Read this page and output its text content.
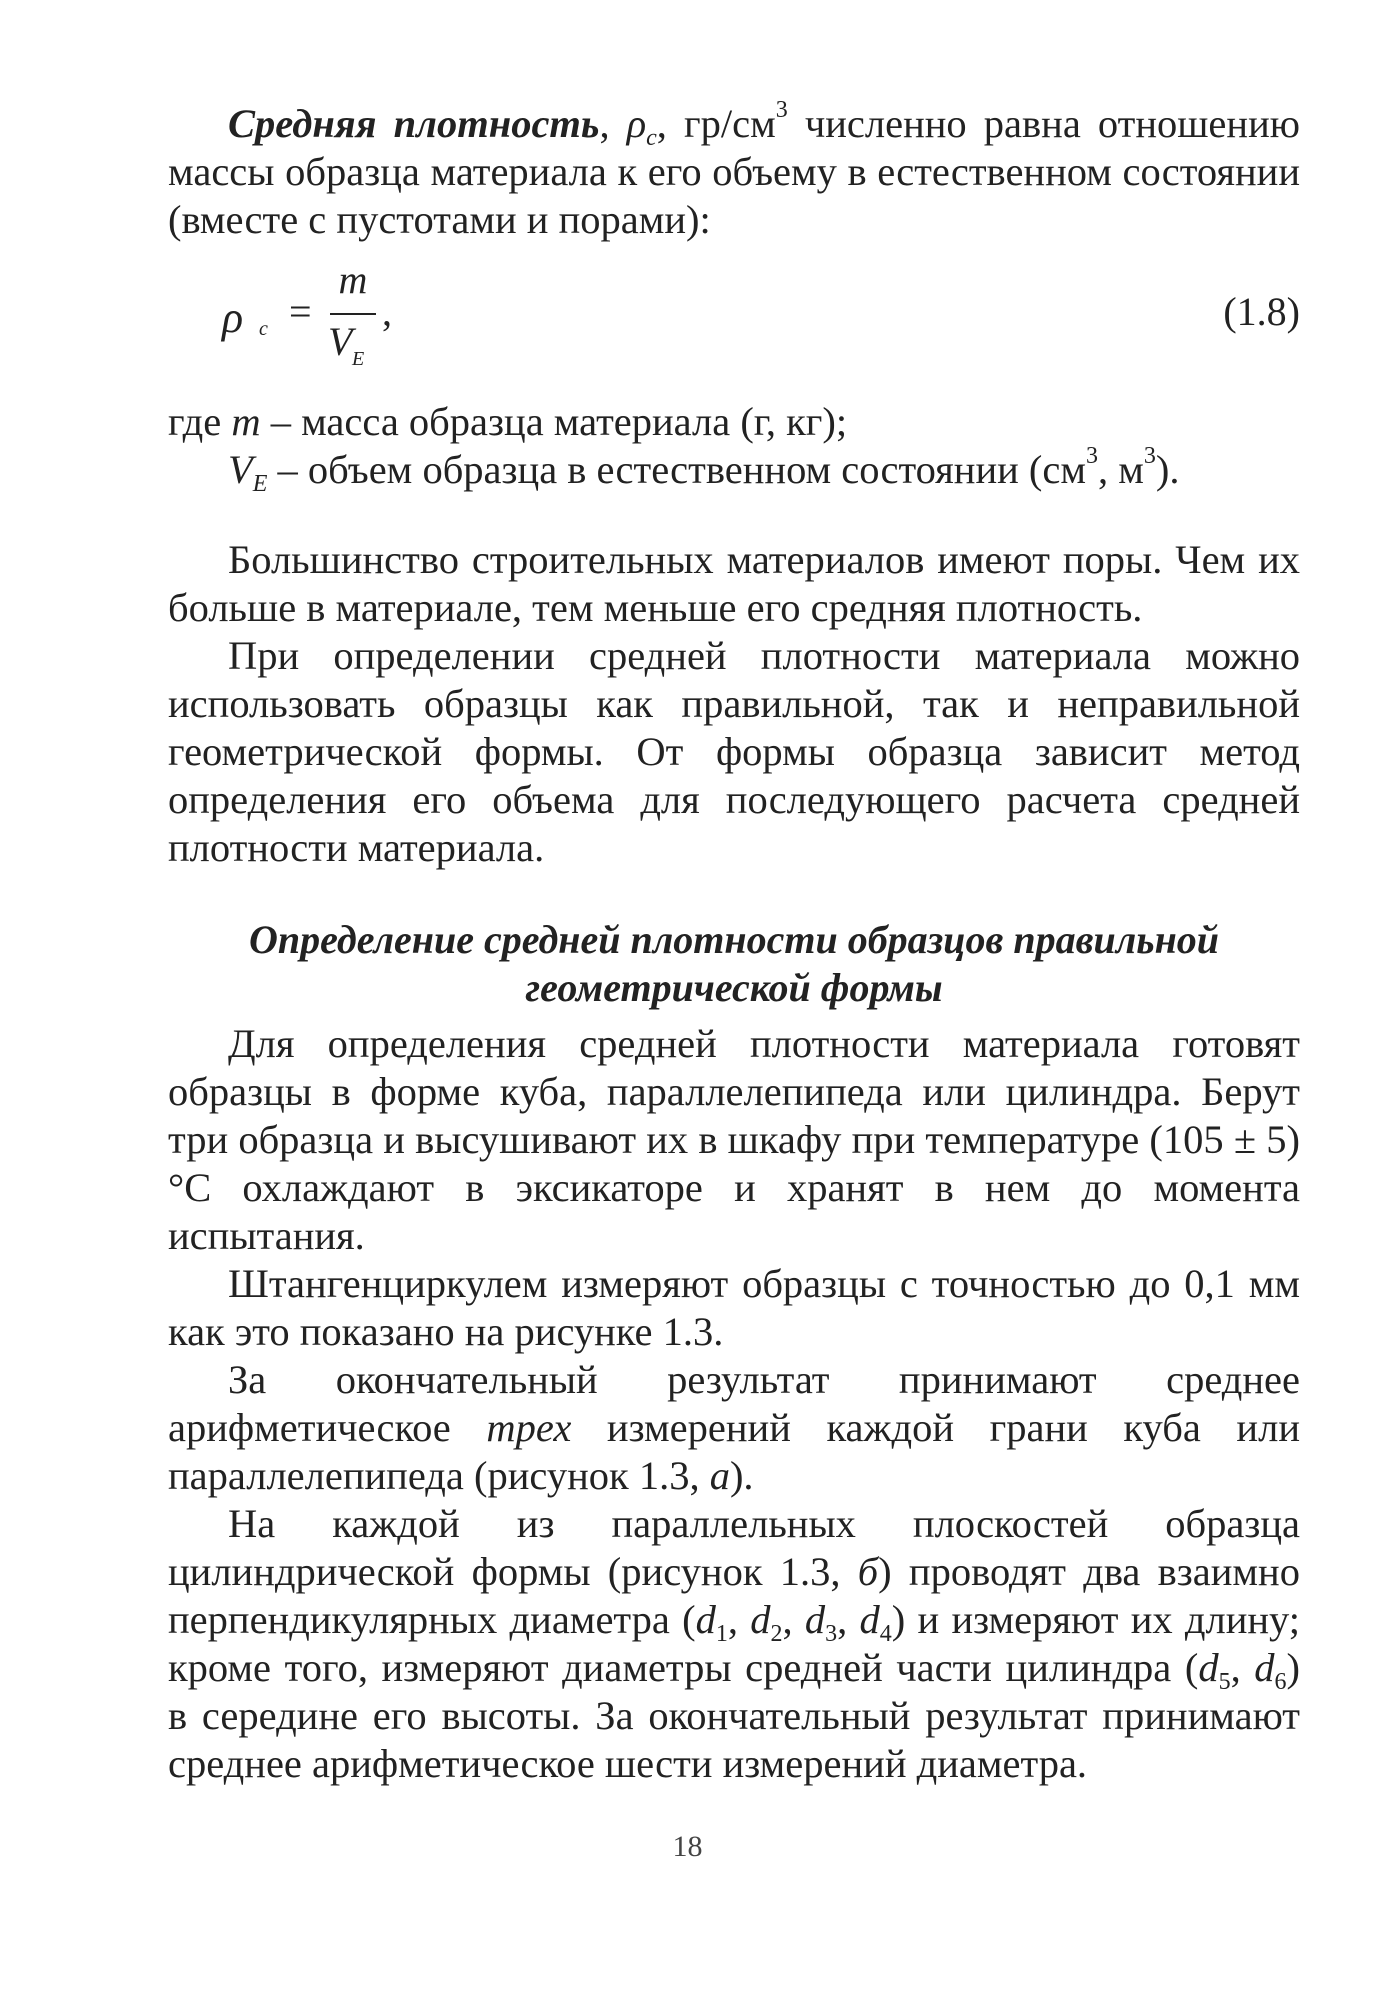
Средняя плотность, $\rho_c$, $гр/см^3$ численно равна отношению массы образца материала к его объему в естественном состоянии (вместе с пустотами и порами):

ρ c =
m
V E
,	(1.8)

где m – масса образца материала (г, кг);

$V_E$ – объем образца в естественном состоянии ($см^3$, $м^3$).

Большинство строительных материалов имеют поры. Чем их больше в материале, тем меньше его средняя плотность.

При определении средней плотности материала можно использовать образцы как правильной, так и неправильной геометрической формы. От формы образца зависит метод определения его объема для последующего расчета средней плотности материала.

Определение средней плотности образцов правильной
геометрической формы

Для определения средней плотности материала готовят образцы в форме куба, параллелепипеда или цилиндра. Берут три образца и высушивают их в шкафу при температуре (105 ± 5) °С охлаждают в эксикаторе и хранят в нем до момента испытания.

Штангенциркулем измеряют образцы с точностью до 0,1 мм как это показано на рисунке 1.3.

За окончательный результат принимают среднее арифметическое трех измерений каждой грани куба или параллелепипеда (рисунок 1.3, а).

На каждой из параллельных плоскостей образца цилиндрической формы (рисунок 1.3, б) проводят два взаимно перпендикулярных диаметра ($d_1$, $d_2$, $d_3$, $d_4$) и измеряют их длину; кроме того, измеряют диаметры средней части цилиндра ($d_5$, $d_6$) в середине его высоты. За окончательный результат принимают среднее арифметическое шести измерений диаметра.

18
